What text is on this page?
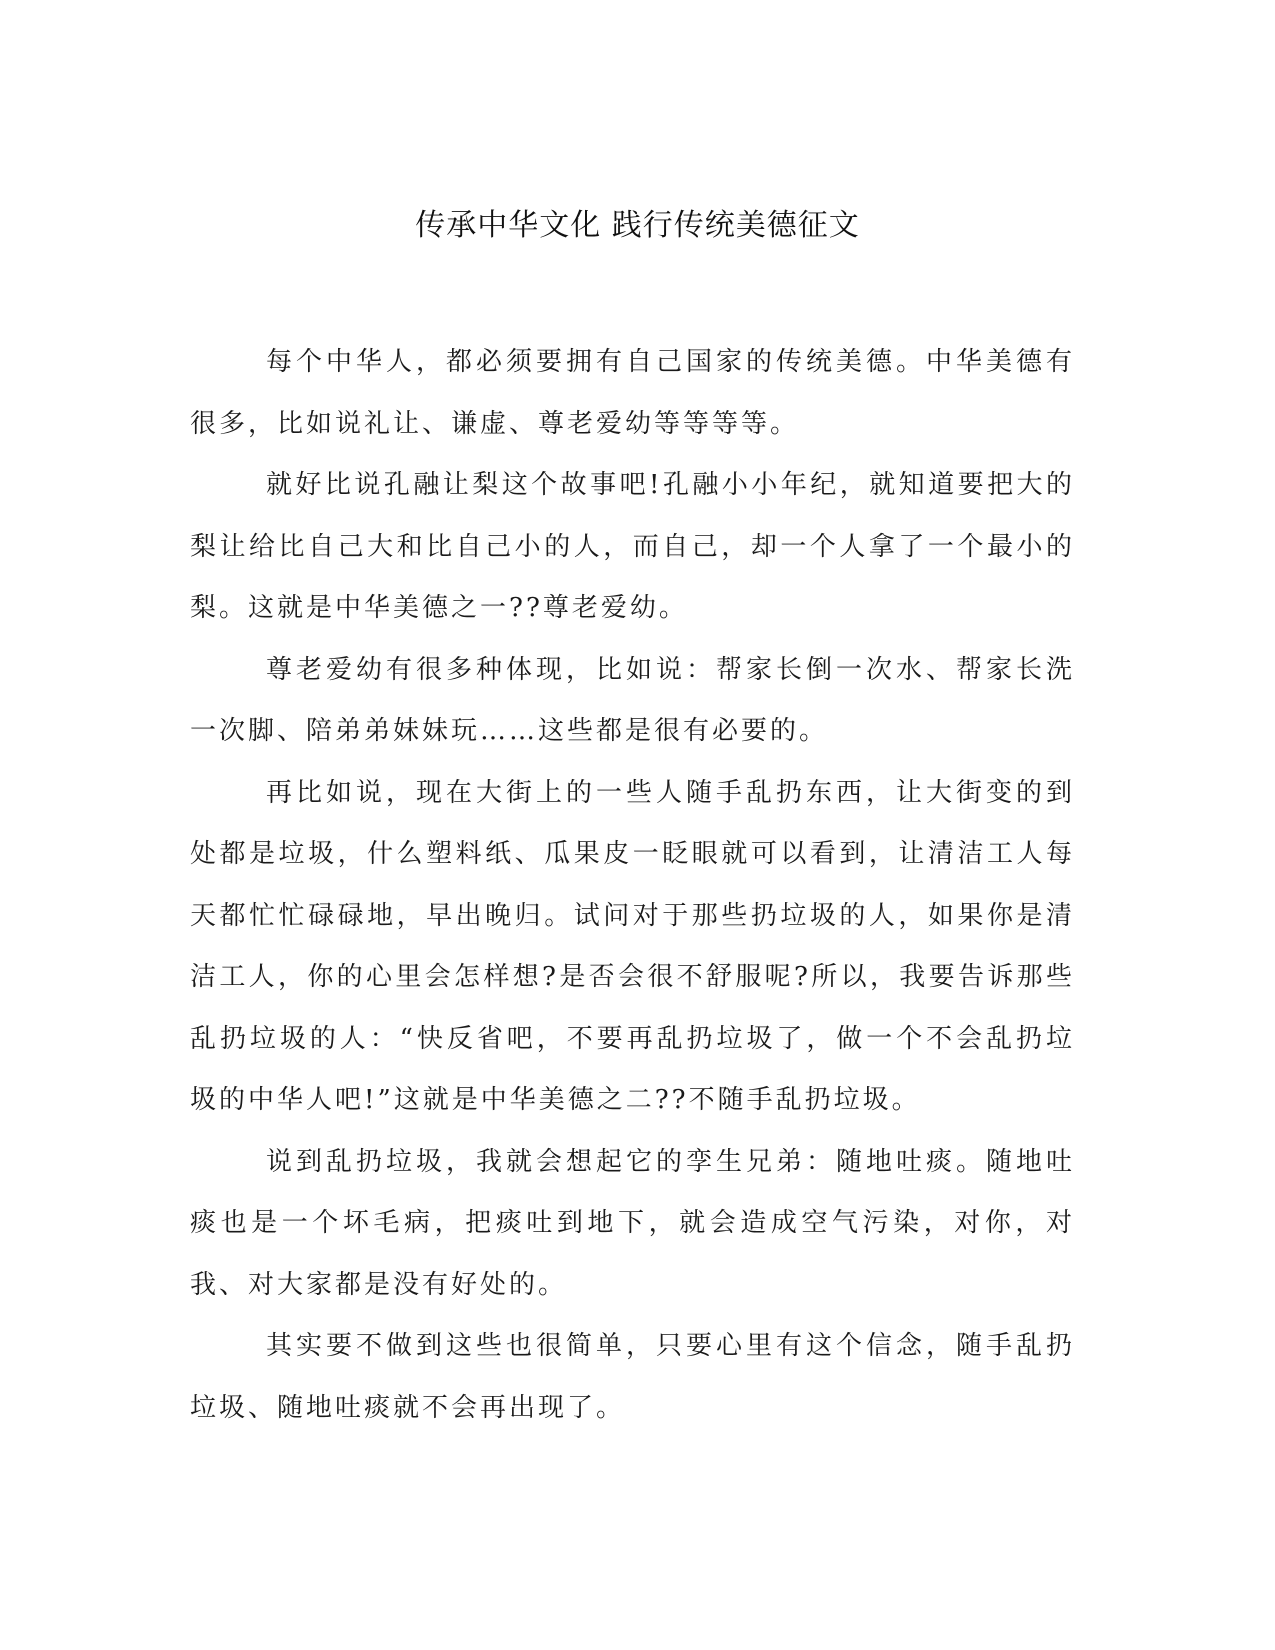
传承中华文化 践行传统美德征文

每个中华人，都必须要拥有自己国家的传统美德。中华美德有很多，比如说礼让、谦虚、尊老爱幼等等等等。

就好比说孔融让梨这个故事吧!孔融小小年纪，就知道要把大的梨让给比自己大和比自己小的人，而自己，却一个人拿了一个最小的梨。这就是中华美德之一??尊老爱幼。

尊老爱幼有很多种体现，比如说：帮家长倒一次水、帮家长洗一次脚、陪弟弟妹妹玩……这些都是很有必要的。

再比如说，现在大街上的一些人随手乱扔东西，让大街变的到处都是垃圾，什么塑料纸、瓜果皮一眨眼就可以看到，让清洁工人每天都忙忙碌碌地，早出晚归。试问对于那些扔垃圾的人，如果你是清洁工人，你的心里会怎样想?是否会很不舒服呢?所以，我要告诉那些乱扔垃圾的人：“快反省吧，不要再乱扔垃圾了，做一个不会乱扔垃圾的中华人吧!”这就是中华美德之二??不随手乱扔垃圾。

说到乱扔垃圾，我就会想起它的孪生兄弟：随地吐痰。随地吐痰也是一个坏毛病，把痰吐到地下，就会造成空气污染，对你，对我、对大家都是没有好处的。

其实要不做到这些也很简单，只要心里有这个信念，随手乱扔垃圾、随地吐痰就不会再出现了。
